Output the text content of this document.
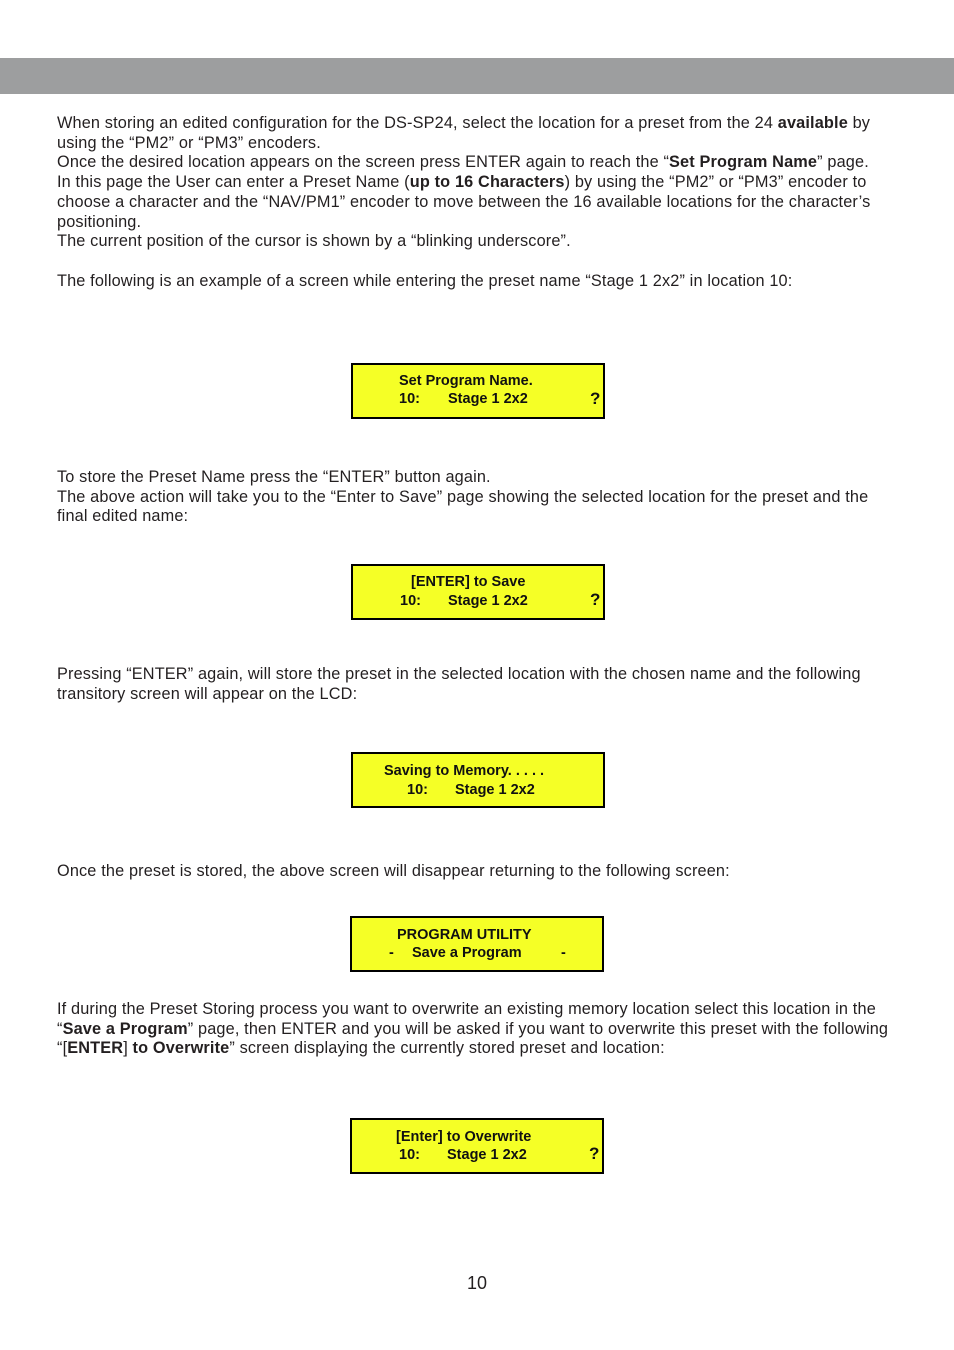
When storing an edited configuration for the DS-SP24, select the location for a preset from the 24 available by using the “PM2” or “PM3” encoders.
Once the desired location appears on the screen press ENTER again to reach the “Set Program Name” page.
In this page the User can enter a Preset Name (up to 16 Characters) by using the “PM2” or “PM3” encoder to choose a character and the “NAV/PM1” encoder to move between the 16 available locations for the character’s positioning.
The current position of the cursor is shown by a “blinking underscore”.

The following is an example of a screen while entering the preset name “Stage 1 2x2” in location 10:

Set Program Name.
10: Stage 1 2x2	?

To store the Preset Name press the “ENTER” button again.
The above action will take you to the “Enter to Save” page showing the selected location for the preset and the final edited name:

[ENTER] to Save
10: Stage 1 2x2	?

Pressing “ENTER” again, will store the preset in the selected location with the chosen name and the following transitory screen will appear on the LCD:

Saving to Memory. . . . .
10: Stage 1 2x2

Once the preset is stored, the above screen will disappear returning to the following screen:

PROGRAM UTILITY
- Save a Program	-

If during the Preset Storing process you want to overwrite an existing memory location select this location in the “Save a Program” page, then ENTER and you will be asked if you want to overwrite this preset with the following “[ENTER] to Overwrite” screen displaying the currently stored preset and location:

[Enter] to Overwrite
10: Stage 1 2x2	?
10
